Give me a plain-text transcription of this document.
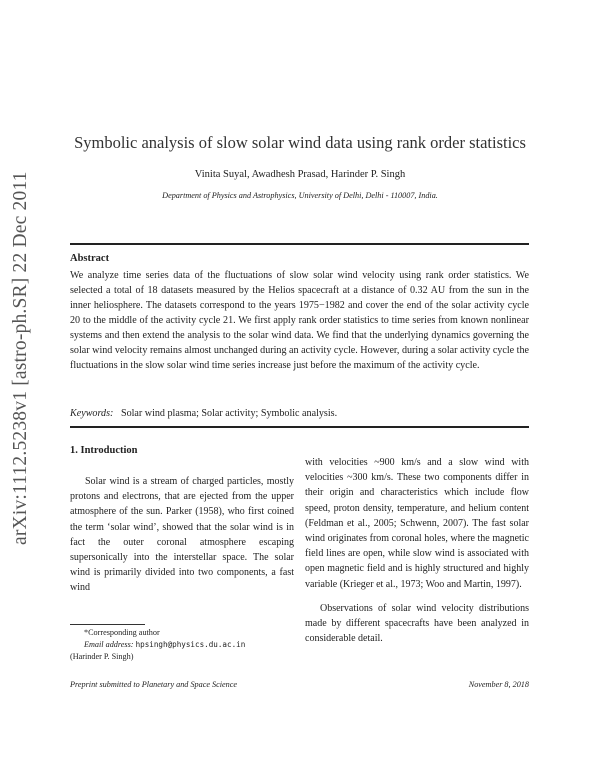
arXiv:1112.5238v1 [astro-ph.SR] 22 Dec 2011
Symbolic analysis of slow solar wind data using rank order statistics
Vinita Suyal, Awadhesh Prasad, Harinder P. Singh
Department of Physics and Astrophysics, University of Delhi, Delhi - 110007, India.
Abstract
We analyze time series data of the fluctuations of slow solar wind velocity using rank order statistics. We selected a total of 18 datasets measured by the Helios spacecraft at a distance of 0.32 AU from the sun in the inner heliosphere. The datasets correspond to the years 1975−1982 and cover the end of the solar activity cycle 20 to the middle of the activity cycle 21. We first apply rank order statistics to time series from known nonlinear systems and then extend the analysis to the solar wind data. We find that the underlying dynamics governing the solar wind velocity remains almost unchanged during an activity cycle. However, during a solar activity cycle the fluctuations in the slow solar wind time series increase just before the maximum of the activity cycle.
Keywords: Solar wind plasma; Solar activity; Symbolic analysis.
1. Introduction

Solar wind is a stream of charged particles, mostly protons and electrons, that are ejected from the upper atmosphere of the sun. Parker (1958), who first coined the term ‘solar wind’, showed that the solar wind is in fact the outer coronal atmosphere escaping supersonically into the interstellar space. The solar wind is primarily divided into two components, a fast wind

with velocities ~900 km/s and a slow wind with velocities ~300 km/s. These two components differ in their origin and characteristics which include flow speed, proton density, temperature, and helium content (Feldman et al., 2005; Schwenn, 2007). The fast solar wind originates from coronal holes, where the magnetic field lines are open, while slow wind is associated with open magnetic field and is highly structured and highly variable (Krieger et al., 1973; Woo and Martin, 1997).

Observations of solar wind velocity distributions made by different spacecrafts have been analyzed in considerable detail.

*Corresponding author
Email address: hpsingh@physics.du.ac.in
(Harinder P. Singh)
Preprint submitted to Planetary and Space Science	November 8, 2018
